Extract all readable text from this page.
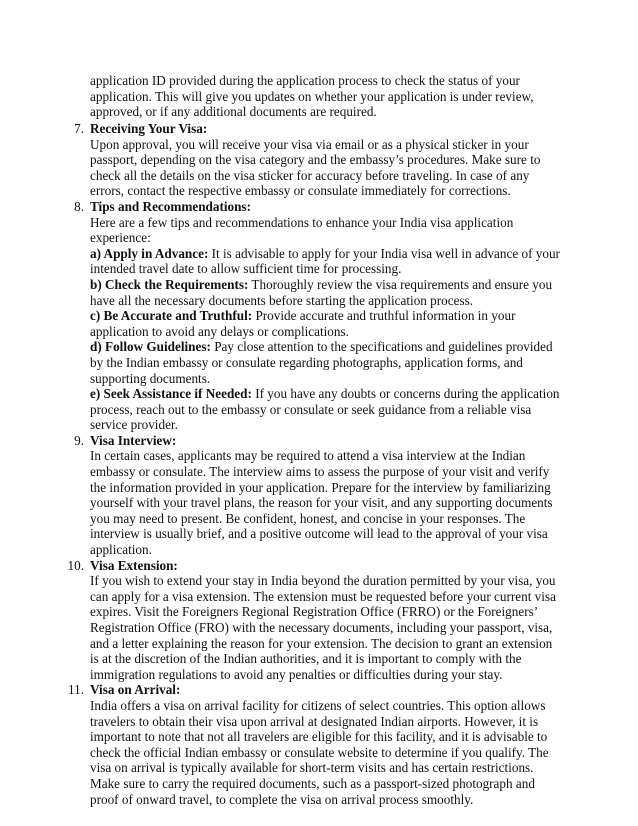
application ID provided during the application process to check the status of your application. This will give you updates on whether your application is under review, approved, or if any additional documents are required.
7. Receiving Your Visa:
Upon approval, you will receive your visa via email or as a physical sticker in your passport, depending on the visa category and the embassy’s procedures. Make sure to check all the details on the visa sticker for accuracy before traveling. In case of any errors, contact the respective embassy or consulate immediately for corrections.
8. Tips and Recommendations:
Here are a few tips and recommendations to enhance your India visa application experience:
a) Apply in Advance: It is advisable to apply for your India visa well in advance of your intended travel date to allow sufficient time for processing.
b) Check the Requirements: Thoroughly review the visa requirements and ensure you have all the necessary documents before starting the application process.
c) Be Accurate and Truthful: Provide accurate and truthful information in your application to avoid any delays or complications.
d) Follow Guidelines: Pay close attention to the specifications and guidelines provided by the Indian embassy or consulate regarding photographs, application forms, and supporting documents.
e) Seek Assistance if Needed: If you have any doubts or concerns during the application process, reach out to the embassy or consulate or seek guidance from a reliable visa service provider.
9. Visa Interview:
In certain cases, applicants may be required to attend a visa interview at the Indian embassy or consulate. The interview aims to assess the purpose of your visit and verify the information provided in your application. Prepare for the interview by familiarizing yourself with your travel plans, the reason for your visit, and any supporting documents you may need to present. Be confident, honest, and concise in your responses. The interview is usually brief, and a positive outcome will lead to the approval of your visa application.
10. Visa Extension:
If you wish to extend your stay in India beyond the duration permitted by your visa, you can apply for a visa extension. The extension must be requested before your current visa expires. Visit the Foreigners Regional Registration Office (FRRO) or the Foreigners’ Registration Office (FRO) with the necessary documents, including your passport, visa, and a letter explaining the reason for your extension. The decision to grant an extension is at the discretion of the Indian authorities, and it is important to comply with the immigration regulations to avoid any penalties or difficulties during your stay.
11. Visa on Arrival:
India offers a visa on arrival facility for citizens of select countries. This option allows travelers to obtain their visa upon arrival at designated Indian airports. However, it is important to note that not all travelers are eligible for this facility, and it is advisable to check the official Indian embassy or consulate website to determine if you qualify. The visa on arrival is typically available for short-term visits and has certain restrictions. Make sure to carry the required documents, such as a passport-sized photograph and proof of onward travel, to complete the visa on arrival process smoothly.
